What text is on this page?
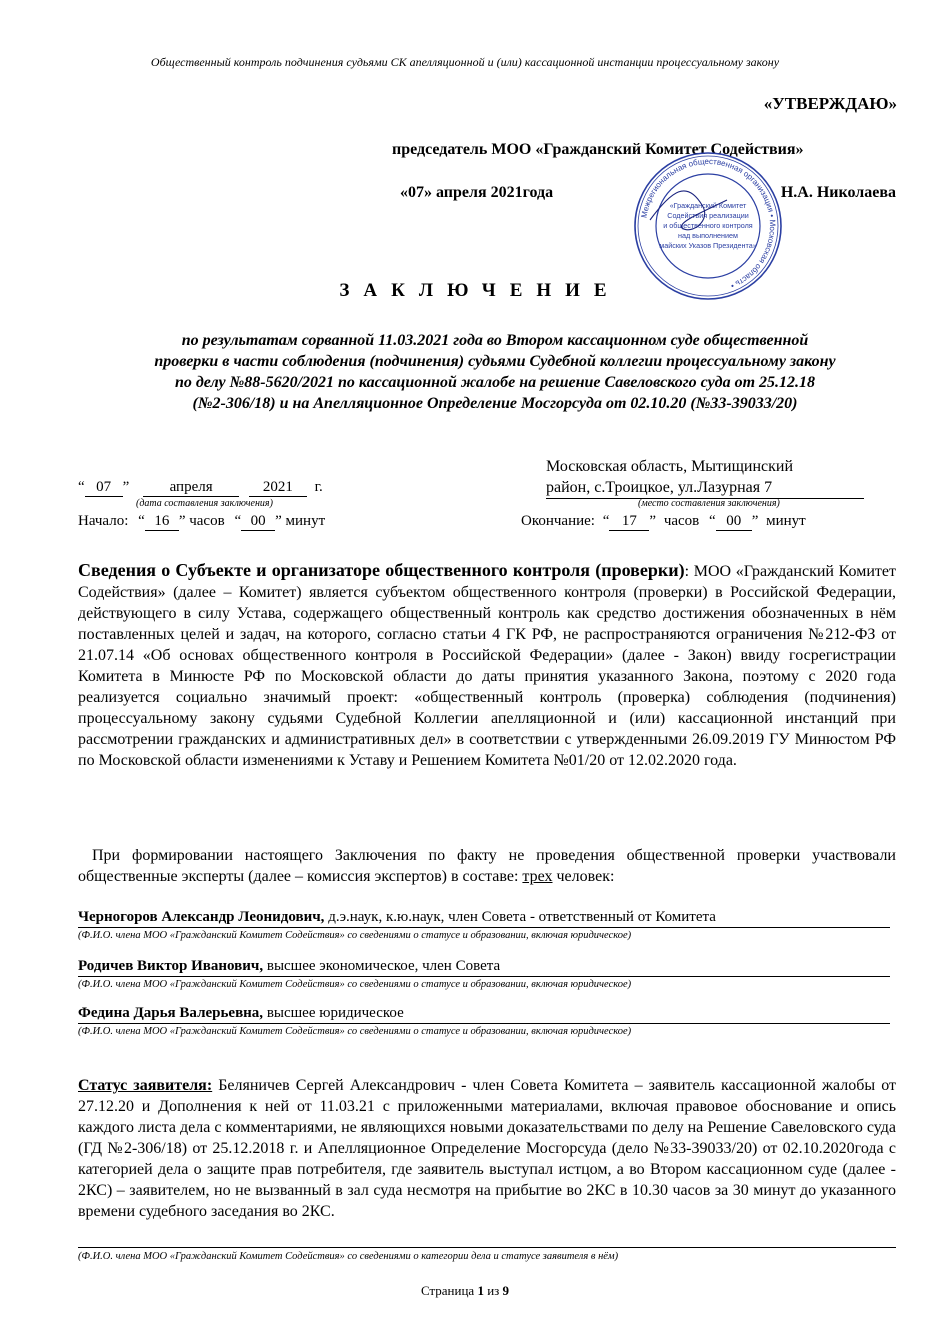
Общественный контроль подчинения судьями СК апелляционной и (или) кассационной инстанции процессуальному закону
«УТВЕРЖДАЮ»
председатель МОО «Гражданский Комитет Содействия»
«07» апреля 2021года	Н.А. Николаева
Межрегиональная общественная организация • Московская область •
«Гражданский Комитет
Содействия реализации
и общественного контроля
над выполнением
майских Указов Президента»
ЗАКЛЮЧЕНИЕ
по результатам сорванной 11.03.2021 года во Втором кассационном суде общественной
проверки в части соблюдения (подчинения) судьями Судебной коллегии процессуальному закону
по делу №88-5620/2021 по кассационной жалобе на решение Савеловского суда от 25.12.18
(№2-306/18) и на Апелляционное Определение Мосгорсуда от 02.10.20 (№33-39033/20)
“ 07 ”	апреля	2021 г.
(дата составления заключения)
Московская область, Мытищинский
район, с.Троицкое, ул.Лазурная 7
(место составления заключения)
Начало: “ 16 ” часов “ 00 ” минут	Окончание: “ 17 ” часов “ 00 ” минут
Сведения о Субъекте и организаторе общественного контроля (проверки): МОО «Гражданский Комитет Содействия» (далее – Комитет) является субъектом общественного контроля (проверки) в Российской Федерации, действующего в силу Устава, содержащего общественный контроль как средство достижения обозначенных в нём поставленных целей и задач, на которого, согласно статьи 4 ГК РФ, не распространяются ограничения №212-ФЗ от 21.07.14 «Об основах общественного контроля в Российской Федерации» (далее - Закон) ввиду госрегистрации Комитета в Минюсте РФ по Московской области до даты принятия указанного Закона, поэтому с 2020 года реализуется социально значимый проект: «общественный контроль (проверка) соблюдения (подчинения) процессуальному закону судьями Судебной Коллегии апелляционной и (или) кассационной инстанций при рассмотрении гражданских и административных дел» в соответствии с утвержденными 26.09.2019 ГУ Минюстом РФ по Московской области изменениями к Уставу и Решением Комитета №01/20 от 12.02.2020 года.
При формировании настоящего Заключения по факту не проведения общественной проверки участвовали общественные эксперты (далее – комиссия экспертов) в составе: трех человек:
Черногоров Александр Леонидович, д.э.наук, к.ю.наук, член Совета - ответственный от Комитета
(Ф.И.О. члена МОО «Гражданский Комитет Содействия» со сведениями о статусе и образовании, включая юридическое)
Родичев Виктор Иванович, высшее экономическое, член Совета
(Ф.И.О. члена МОО «Гражданский Комитет Содействия» со сведениями о статусе и образовании, включая юридическое)
Федина Дарья Валерьевна, высшее юридическое
(Ф.И.О. члена МОО «Гражданский Комитет Содействия» со сведениями о статусе и образовании, включая юридическое)
Статус заявителя: Беляничев Сергей Александрович - член Совета Комитета – заявитель кассационной жалобы от 27.12.20 и Дополнения к ней от 11.03.21 с приложенными материалами, включая правовое обоснование и опись каждого листа дела с комментариями, не являющихся новыми доказательствами по делу на Решение Савеловского суда (ГД №2-306/18) от 25.12.2018 г. и Апелляционное Определение Мосгорсуда (дело №33-39033/20) от 02.10.2020года с категорией дела о защите прав потребителя, где заявитель выступал истцом, а во Втором кассационном суде (далее - 2КС) – заявителем, но не вызванный в зал суда несмотря на прибытие во 2КС в 10.30 часов за 30 минут до указанного времени судебного заседания во 2КС.
(Ф.И.О. члена МОО «Гражданский Комитет Содействия» со сведениями о категории дела и статусе заявителя в нём)
Страница 1 из 9
